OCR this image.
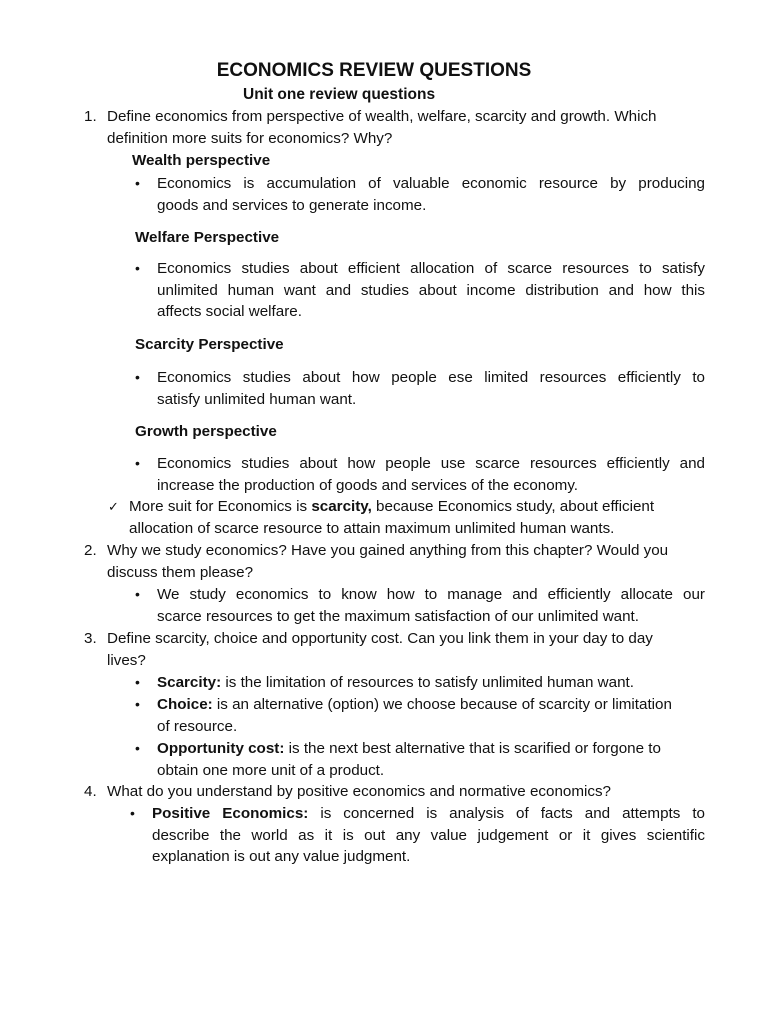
ECONOMICS REVIEW QUESTIONS
Unit one review questions
1. Define economics from perspective of wealth, welfare, scarcity and growth. Which
definition more suits for economics? Why?
Wealth perspective
• Economics is accumulation of valuable economic resource by producing
goods and services to generate income.
Welfare Perspective
• Economics studies about efficient allocation of scarce resources to satisfy
unlimited human want and studies about income distribution and how this
affects social welfare.
Scarcity Perspective
• Economics studies about how people ese limited resources efficiently to
satisfy unlimited human want.
Growth perspective
• Economics studies about how people use scarce resources efficiently and
increase the production of goods and services of the economy.
✓ More suit for Economics is scarcity, because Economics study, about efficient
allocation of scarce resource to attain maximum unlimited human wants.
2. Why we study economics? Have you gained anything from this chapter? Would you
discuss them please?
• We study economics to know how to manage and efficiently allocate our
scarce resources to get the maximum satisfaction of our unlimited want.
3. Define scarcity, choice and opportunity cost. Can you link them in your day to day
lives?
• Scarcity: is the limitation of resources to satisfy unlimited human want.
• Choice: is an alternative (option) we choose because of scarcity or limitation
of resource.
• Opportunity cost: is the next best alternative that is scarified or forgone to
obtain one more unit of a product.
4. What do you understand by positive economics and normative economics?
• Positive Economics: is concerned is analysis of facts and attempts to
describe the world as it is out any value judgement or it gives scientific
explanation is out any value judgment.
